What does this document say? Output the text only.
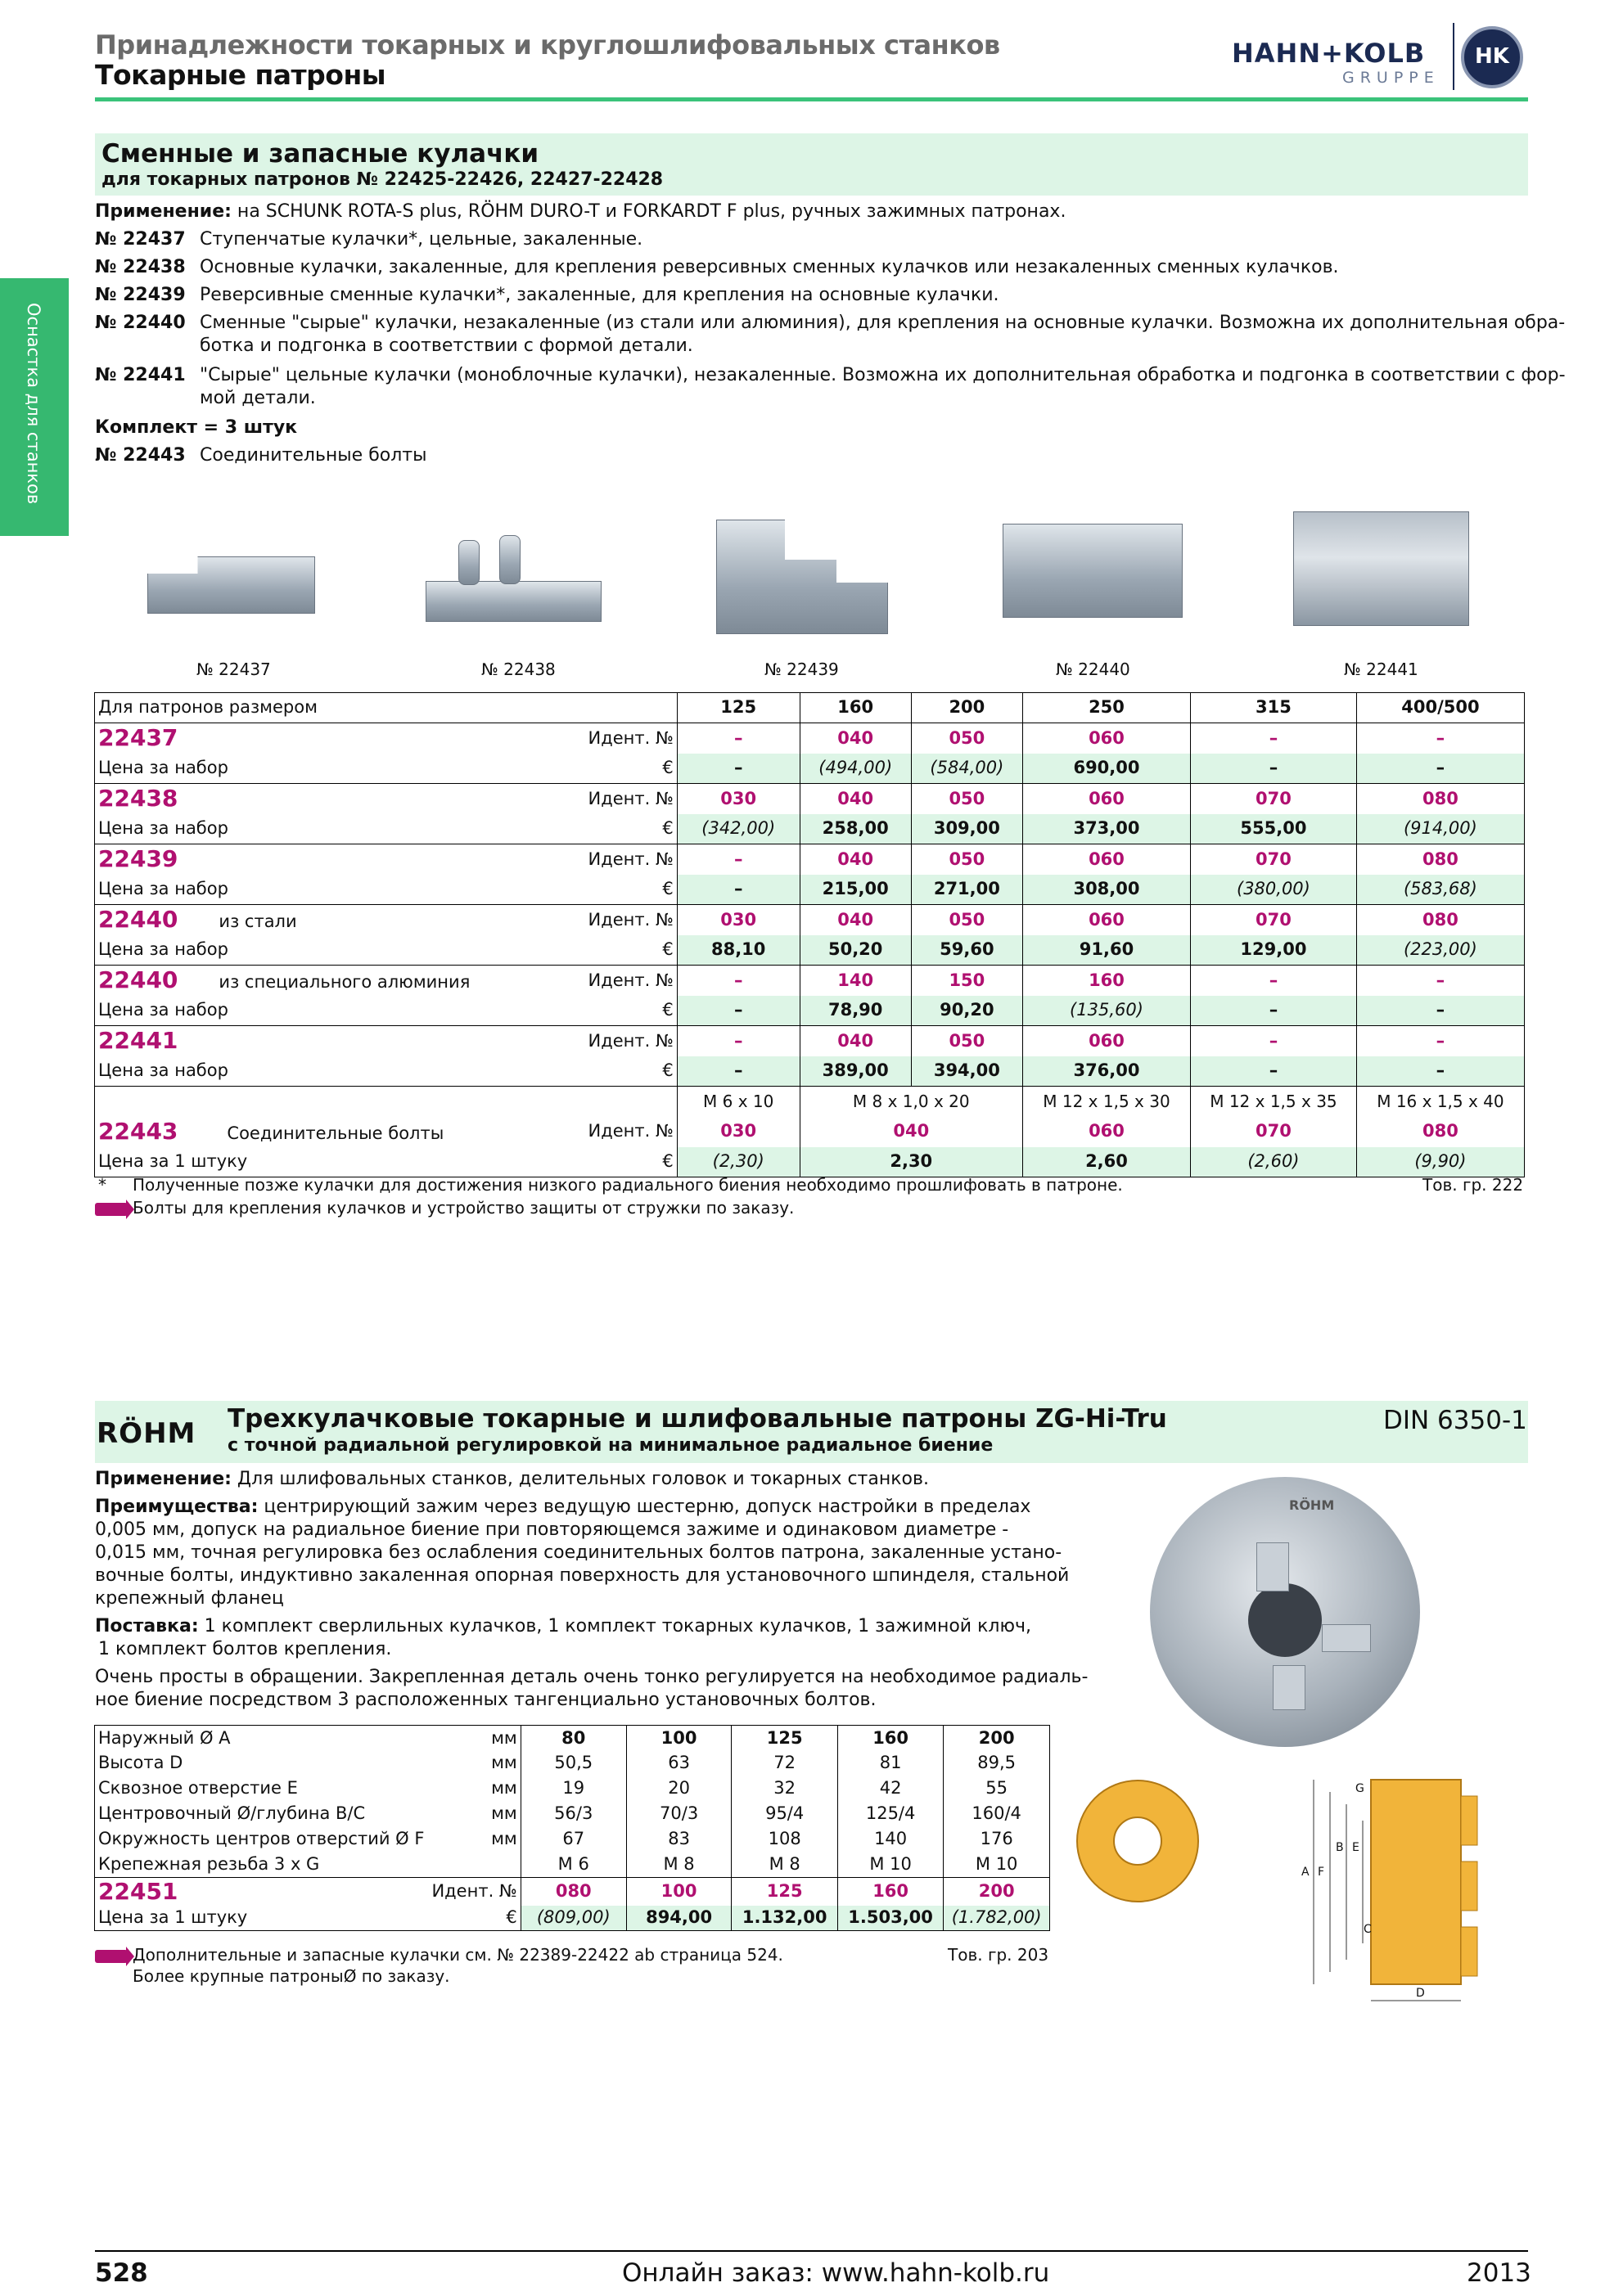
Принадлежности токарных и круглошлифовальных станков
Токарные патроны
HAHN+KOLB
GRUPPE
HK
Оснастка для станков
Сменные и запасные кулачки
для токарных патронов № 22425-22426, 22427-22428
Применение: на SCHUNK ROTA-S plus, RÖHM DURO-T и FORKARDT F plus, ручных зажимных патронах.
№ 22437 Ступенчатые кулачки*, цельные, закаленные.
№ 22438 Основные кулачки, закаленные, для крепления реверсивных сменных кулачков или незакаленных сменных кулачков.
№ 22439 Реверсивные сменные кулачки*, закаленные, для крепления на основные кулачки.
№ 22440 Сменные "сырые" кулачки, незакаленные (из стали или алюминия), для крепления на основные кулачки. Возможна их дополнительная обра-
ботка и подгонка в соответствии с формой детали.
№ 22441 "Сырые" цельные кулачки (моноблочные кулачки), незакаленные. Возможна их дополнительная обработка и подгонка в соответствии с фор-
мой детали.
Комплект = 3 штук
№ 22443 Соединительные болты
№ 22437	№ 22438	№ 22439	№ 22440	№ 22441
Для патронов размером		125	160	200	250	315	400/500
22437	Идент. №	–	040	050	060	–	–
Цена за набор	€	–	(494,00)	(584,00)	690,00	–	–
22438	Идент. №	030	040	050	060	070	080
Цена за набор	€	(342,00)	258,00	309,00	373,00	555,00	(914,00)
22439	Идент. №	–	040	050	060	070	080
Цена за набор	€	–	215,00	271,00	308,00	(380,00)	(583,68)
22440 из стали	Идент. №	030	040	050	060	070	080
Цена за набор	€	88,10	50,20	59,60	91,60	129,00	(223,00)
22440 из специального алюминия	Идент. №	–	140	150	160	–	–
Цена за набор	€	–	78,90	90,20	(135,60)	–	–
22441	Идент. №	–	040	050	060	–	–
Цена за набор	€	–	389,00	394,00	376,00	–	–
		M 6 x 10	M 8 x 1,0 x 20		M 12 x 1,5 x 30	M 12 x 1,5 x 35	M 16 x 1,5 x 40
22443 Соединительные болты	Идент. №	030	040		060	070	080
Цена за 1 штуку	€	(2,30)	2,30		2,60	(2,60)	(9,90)
* Полученные позже кулачки для достижения низкого радиального биения необходимо прошлифовать в патроне.	Тов. гр. 222
Болты для крепления кулачков и устройство защиты от стружки по заказу.
RÖHM Трехкулачковые токарные и шлифовальные патроны ZG-Hi-Tru
с точной радиальной регулировкой на минимальное радиальное биение
DIN 6350-1
Применение: Для шлифовальных станков, делительных головок и токарных станков.
Преимущества: центрирующий зажим через ведущую шестерню, допуск настройки в пределах
0,005 мм, допуск на радиальное биение при повторяющемся зажиме и одинаковом диаметре -
0,015 мм, точная регулировка без ослабления соединительных болтов патрона, закаленные устано-
вочные болты, индуктивно закаленная опорная поверхность для установочного шпинделя, стальной
крепежный фланец
Поставка: 1 комплект сверлильных кулачков, 1 комплект токарных кулачков, 1 зажимной ключ,
1 комплект болтов крепления.
Очень просты в обращении. Закрепленная деталь очень тонко регулируется на необходимое радиаль-
ное биение посредством 3 расположенных тангенциально установочных болтов.
RÖHM
A F
B E
C
D
G
Наружный Ø A	мм	80	100	125	160	200
Высота D	мм	50,5	63	72	81	89,5
Сквозное отверстие E	мм	19	20	32	42	55
Центровочный Ø/глубина B/C	мм	56/3	70/3	95/4	125/4	160/4
Окружность центров отверстий Ø F	мм	67	83	108	140	176
Крепежная резьба 3 x G		M 6	M 8	M 8	M 10	M 10
22451	Идент. №	080	100	125	160	200
Цена за 1 штуку	€	(809,00)	894,00	1.132,00	1.503,00	(1.782,00)
Дополнительные и запасные кулачки см. № 22389-22422 ab страница 524.	Тов. гр. 203
Более крупные патроныØ по заказу.
528	Онлайн заказ: www.hahn-kolb.ru	2013
